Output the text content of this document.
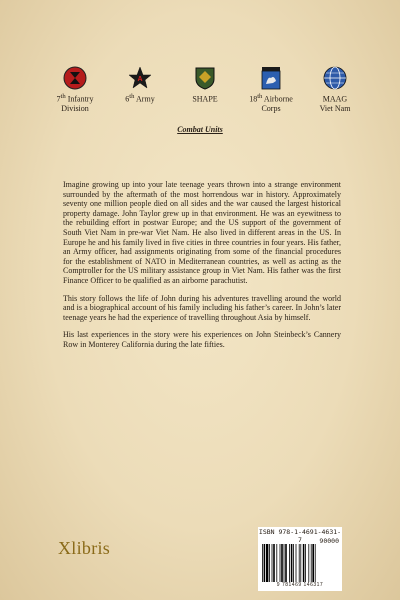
7th Infantry
Division
A
6th Army	SHAPE	18th Airborne
Corps
MAAG
Viet Nam
Combat Units

Imagine growing up into your late teenage years thrown into a strange environment surrounded by the aftermath of the most horrendous war in history. Approximately seventy one million people died on all sides and the war caused the largest historical property damage. John Taylor grew up in that environment. He was an eyewitness to the rebuilding effort in postwar Europe; and the US support of the government of South Viet Nam in pre-war Viet Nam. He also lived in different areas in the US. In Europe he and his family lived in five cities in three countries in four years. His father, an Army officer, had assignments originating from some of the financial procedures for the establishment of NATO in Mediterranean countries, as well as acting as the Comptroller for the US military assistance group in Viet Nam. His father was the first Finance Officer to be qualified as an airborne parachutist.

This story follows the life of John during his adventures travelling around the world and is a biographical account of his family including his father’s career. In John’s later teenage years he had the experience of travelling throughout Asia by himself.

His last experiences in the story were his experiences on John Steinbeck’s Cannery Row in Monterey California during the late fifties.

Xlibris
ISBN 978-1-4691-4631-7	90000
9 781469 146317
